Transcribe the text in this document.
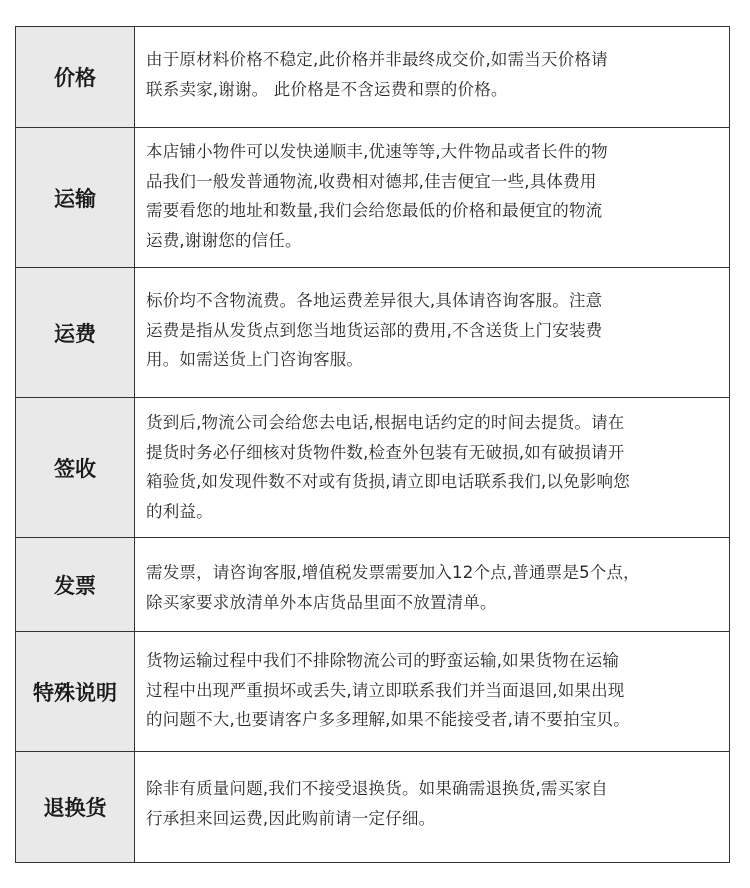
价格
由于原材料价格不稳定,此价格并非最终成交价,如需当天价格请
联系卖家,谢谢。 此价格是不含运费和票的价格。
运输
本店铺小物件可以发快递顺丰,优速等等,大件物品或者长件的物
品我们一般发普通物流,收费相对德邦,佳吉便宜一些,具体费用
需要看您的地址和数量,我们会给您最低的价格和最便宜的物流
运费,谢谢您的信任。
运费
标价均不含物流费。各地运费差异很大,具体请咨询客服。注意
运费是指从发货点到您当地货运部的费用,不含送货上门安装费
用。如需送货上门咨询客服。
签收
货到后,物流公司会给您去电话,根据电话约定的时间去提货。请在
提货时务必仔细核对货物件数,检查外包装有无破损,如有破损请开
箱验货,如发现件数不对或有货损,请立即电话联系我们,以免影响您
的利益。
发票
需发票，请咨询客服,增值税发票需要加入12个点,普通票是5个点，
除买家要求放清单外本店货品里面不放置清单。
特殊说明
货物运输过程中我们不排除物流公司的野蛮运输,如果货物在运输
过程中出现严重损坏或丢失,请立即联系我们并当面退回,如果出现
的问题不大,也要请客户多多理解,如果不能接受者,请不要拍宝贝。
退换货
除非有质量问题,我们不接受退换货。如果确需退换货,需买家自
行承担来回运费,因此购前请一定仔细。
